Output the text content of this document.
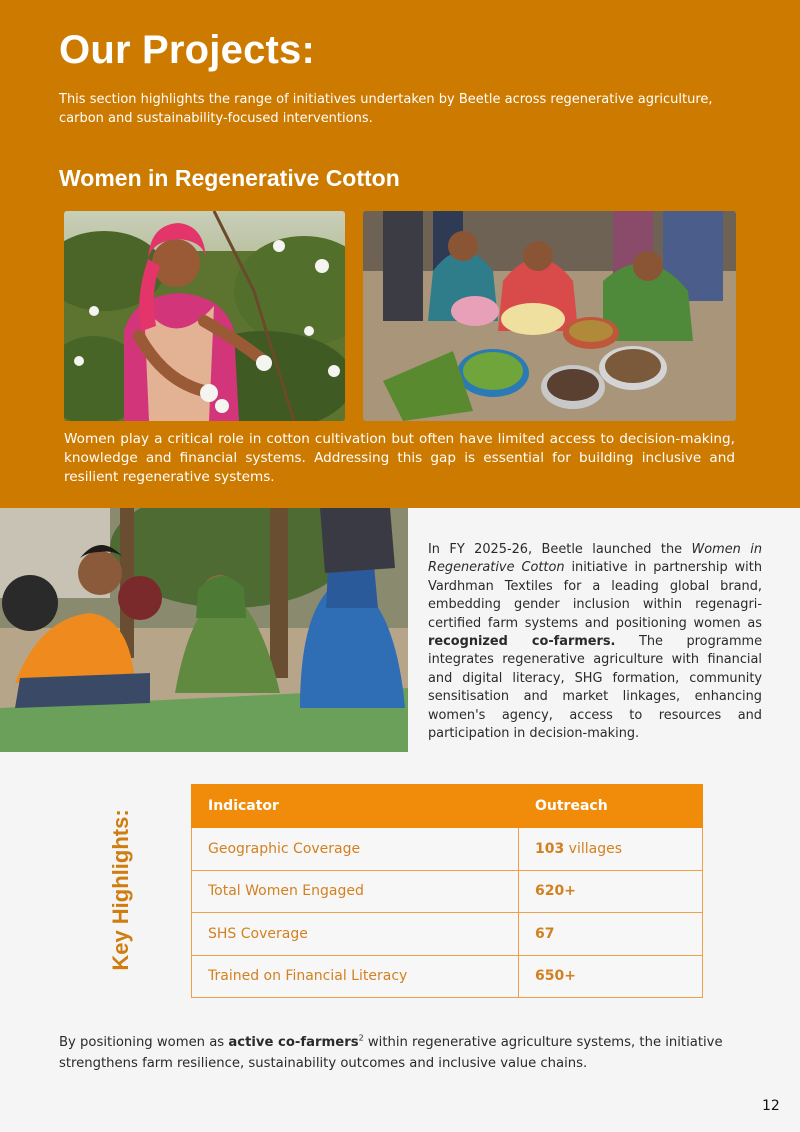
Our Projects:

This section highlights the range of initiatives undertaken by Beetle across regenerative agriculture, carbon and sustainability-focused interventions.

Women in Regenerative Cotton
Women play a critical role in cotton cultivation but often have limited access to decision-making, knowledge and financial systems. Addressing this gap is essential for building inclusive and resilient regenerative systems.
In FY 2025-26, Beetle launched the Women in Regenerative Cotton initiative in partnership with Vardhman Textiles for a leading global brand, embedding gender inclusion within regenagri-certified farm systems and positioning women as recognized co-farmers. The programme integrates regenerative agriculture with financial and digital literacy, SHG formation, community sensitisation and market linkages, enhancing women's agency, access to resources and participation in decision-making.
Key Highlights:
Indicator	Outreach
Geographic Coverage	103 villages
Total Women Engaged	620+
SHS Coverage	67
Trained on Financial Literacy	650+

By positioning women as active co-farmers$^2$ within regenerative agriculture systems, the initiative strengthens farm resilience, sustainability outcomes and inclusive value chains.

12
